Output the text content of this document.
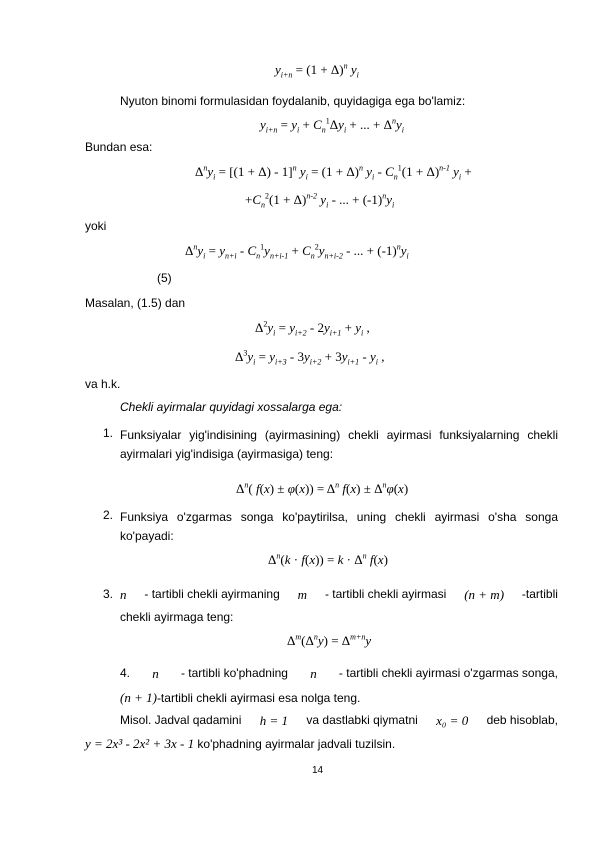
$y_{i+n} = (1 + \Delta)^n$ $y_i$
Nyuton binomi formulasidan foydalanib, quyidagiga ega bo'lamiz:
$y_{i+n} = y_i + C_n^1\Delta y_i$ + ... + $\Delta^ny_i$
Bundan esa:
$\Delta^ny_i = [(1 + \Delta) - 1]^n$ $y_i = (1 + \Delta)^n$ $y_i - C_n^1(1 + \Delta)^{n-1}$ $y_i$ +
$+C_n^2(1 + \Delta)^{n-2}$ $y_i$ - ... + $(-1)^ny_i$
yoki
$\Delta^ny_i = y_{n+i} - C_n^1y_{n+i-1} + C_n^2y_{n+i-2}$ - ... + $(-1)^ny_i$
(5)
Masalan, (1.5) dan
$\Delta^2y_i = y_{i+2} - 2y_{i+1} + y_i$ ,
$\Delta^3y_i = y_{i+3} - 3y_{i+2} + 3y_{i+1} - y_i$ ,
va h.k.
Chekli ayirmalar quyidagi xossalarga ega:
1. Funksiyalar yig'indisining (ayirmasining) chekli ayirmasi funksiyalarning chekli ayirmalari yig'indisiga (ayirmasiga) teng:
$\Delta^n$( $f(x) \pm \varphi(x)) = \Delta^n$ $f(x) \pm \Delta^n\varphi(x)$
2. Funksiya o'zgarmas songa ko'paytirilsa, uning chekli ayirmasi o'sha songa ko'payadi:
$\Delta^n(k \cdot f(x)) = k \cdot \Delta^n$ f(x)
3. n - tartibli chekli ayirmaning m - tartibli chekli ayirmasi (n + m) -tartibli
chekli ayirmaga teng:
$\Delta^m(\Delta^ny) = \Delta^{m+n}y$
4. n - tartibli ko'phadning n - tartibli chekli ayirmasi o'zgarmas songa,
(n + 1)-tartibli chekli ayirmasi esa nolga teng.
Misol. Jadval qadamini h = 1 va dastlabki qiymatni x₀ = 0 deb hisoblab,
y = 2x³ - 2x² + 3x - 1 ko'phadning ayirmalar jadvali tuzilsin.
14
